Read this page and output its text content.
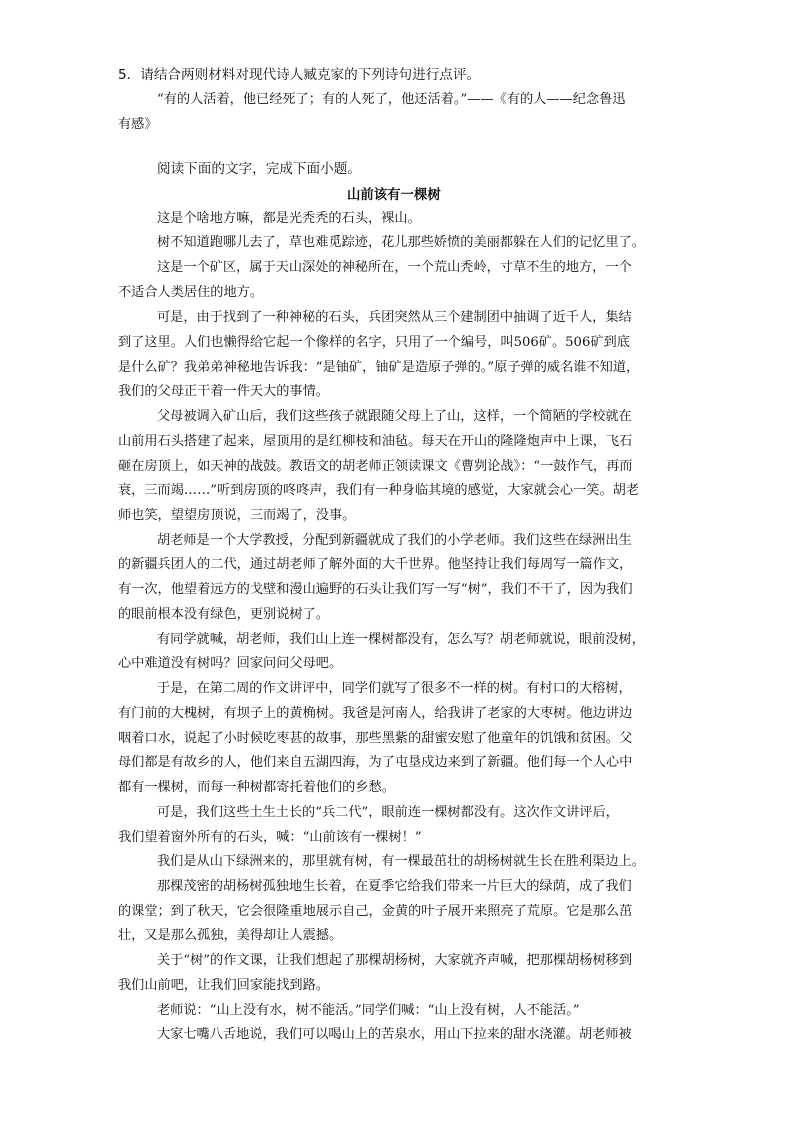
5．请结合两则材料对现代诗人臧克家的下列诗句进行点评。
“有的人活着，他已经死了；有的人死了，他还活着。”——《有的人——纪念鲁迅
有感》
阅读下面的文字，完成下面小题。
山前该有一棵树
这是个啥地方嘛，都是光秃秃的石头，裸山。
树不知道跑哪儿去了，草也难觅踪迹，花儿那些娇愤的美丽都躲在人们的记忆里了。
这是一个矿区，属于天山深处的神秘所在，一个荒山秃岭，寸草不生的地方，一个
不适合人类居住的地方。
可是，由于找到了一种神秘的石头，兵团突然从三个建制团中抽调了近千人，集结
到了这里。人们也懒得给它起一个像样的名字，只用了一个编号，叫506矿。506矿到底
是什么矿？我弟弟神秘地告诉我：“是铀矿，铀矿是造原子弹的。”原子弹的威名谁不知道，
我们的父母正干着一件天大的事情。
父母被调入矿山后，我们这些孩子就跟随父母上了山，这样，一个简陋的学校就在
山前用石头搭建了起来，屋顶用的是红柳枝和油毡。每天在开山的隆隆炮声中上课，飞石
砸在房顶上，如天神的战鼓。教语文的胡老师正领读课文《曹刿论战》：“一鼓作气，再而
衰，三而竭……”听到房顶的咚咚声，我们有一种身临其境的感觉，大家就会心一笑。胡老
师也笑，望望房顶说，三而竭了，没事。
胡老师是一个大学教授，分配到新疆就成了我们的小学老师。我们这些在绿洲出生
的新疆兵团人的二代，通过胡老师了解外面的大千世界。他坚持让我们每周写一篇作文，
有一次，他望着远方的戈壁和漫山遍野的石头让我们写一写“树”，我们不干了，因为我们
的眼前根本没有绿色，更别说树了。
有同学就喊，胡老师，我们山上连一棵树都没有，怎么写？胡老师就说，眼前没树，
心中难道没有树吗？回家问问父母吧。
于是，在第二周的作文讲评中，同学们就写了很多不一样的树。有村口的大榕树，
有门前的大槐树，有坝子上的黄桷树。我爸是河南人，给我讲了老家的大枣树。他边讲边
咽着口水，说起了小时候吃枣甚的故事，那些黑紫的甜蜜安慰了他童年的饥饿和贫困。父
母们都是有故乡的人，他们来自五湖四海，为了屯垦戍边来到了新疆。他们每一个人心中
都有一棵树，而每一种树都寄托着他们的乡愁。
可是，我们这些土生土长的“兵二代”，眼前连一棵树都没有。这次作文讲评后，
我们望着窗外所有的石头，喊：“山前该有一棵树！”
我们是从山下绿洲来的，那里就有树，有一棵最茁壮的胡杨树就生长在胜利渠边上。
那棵茂密的胡杨树孤独地生长着，在夏季它给我们带来一片巨大的绿荫，成了我们
的课堂；到了秋天，它会很隆重地展示自己，金黄的叶子展开来照亮了荒原。它是那么茁
壮，又是那么孤独，美得却让人震撼。
关于“树”的作文课，让我们想起了那棵胡杨树，大家就齐声喊，把那棵胡杨树移到
我们山前吧，让我们回家能找到路。
老师说：“山上没有水，树不能活。”同学们喊：“山上没有树，人不能活。”
大家七嘴八舌地说，我们可以喝山上的苦泉水，用山下拉来的甜水浇灌。胡老师被
